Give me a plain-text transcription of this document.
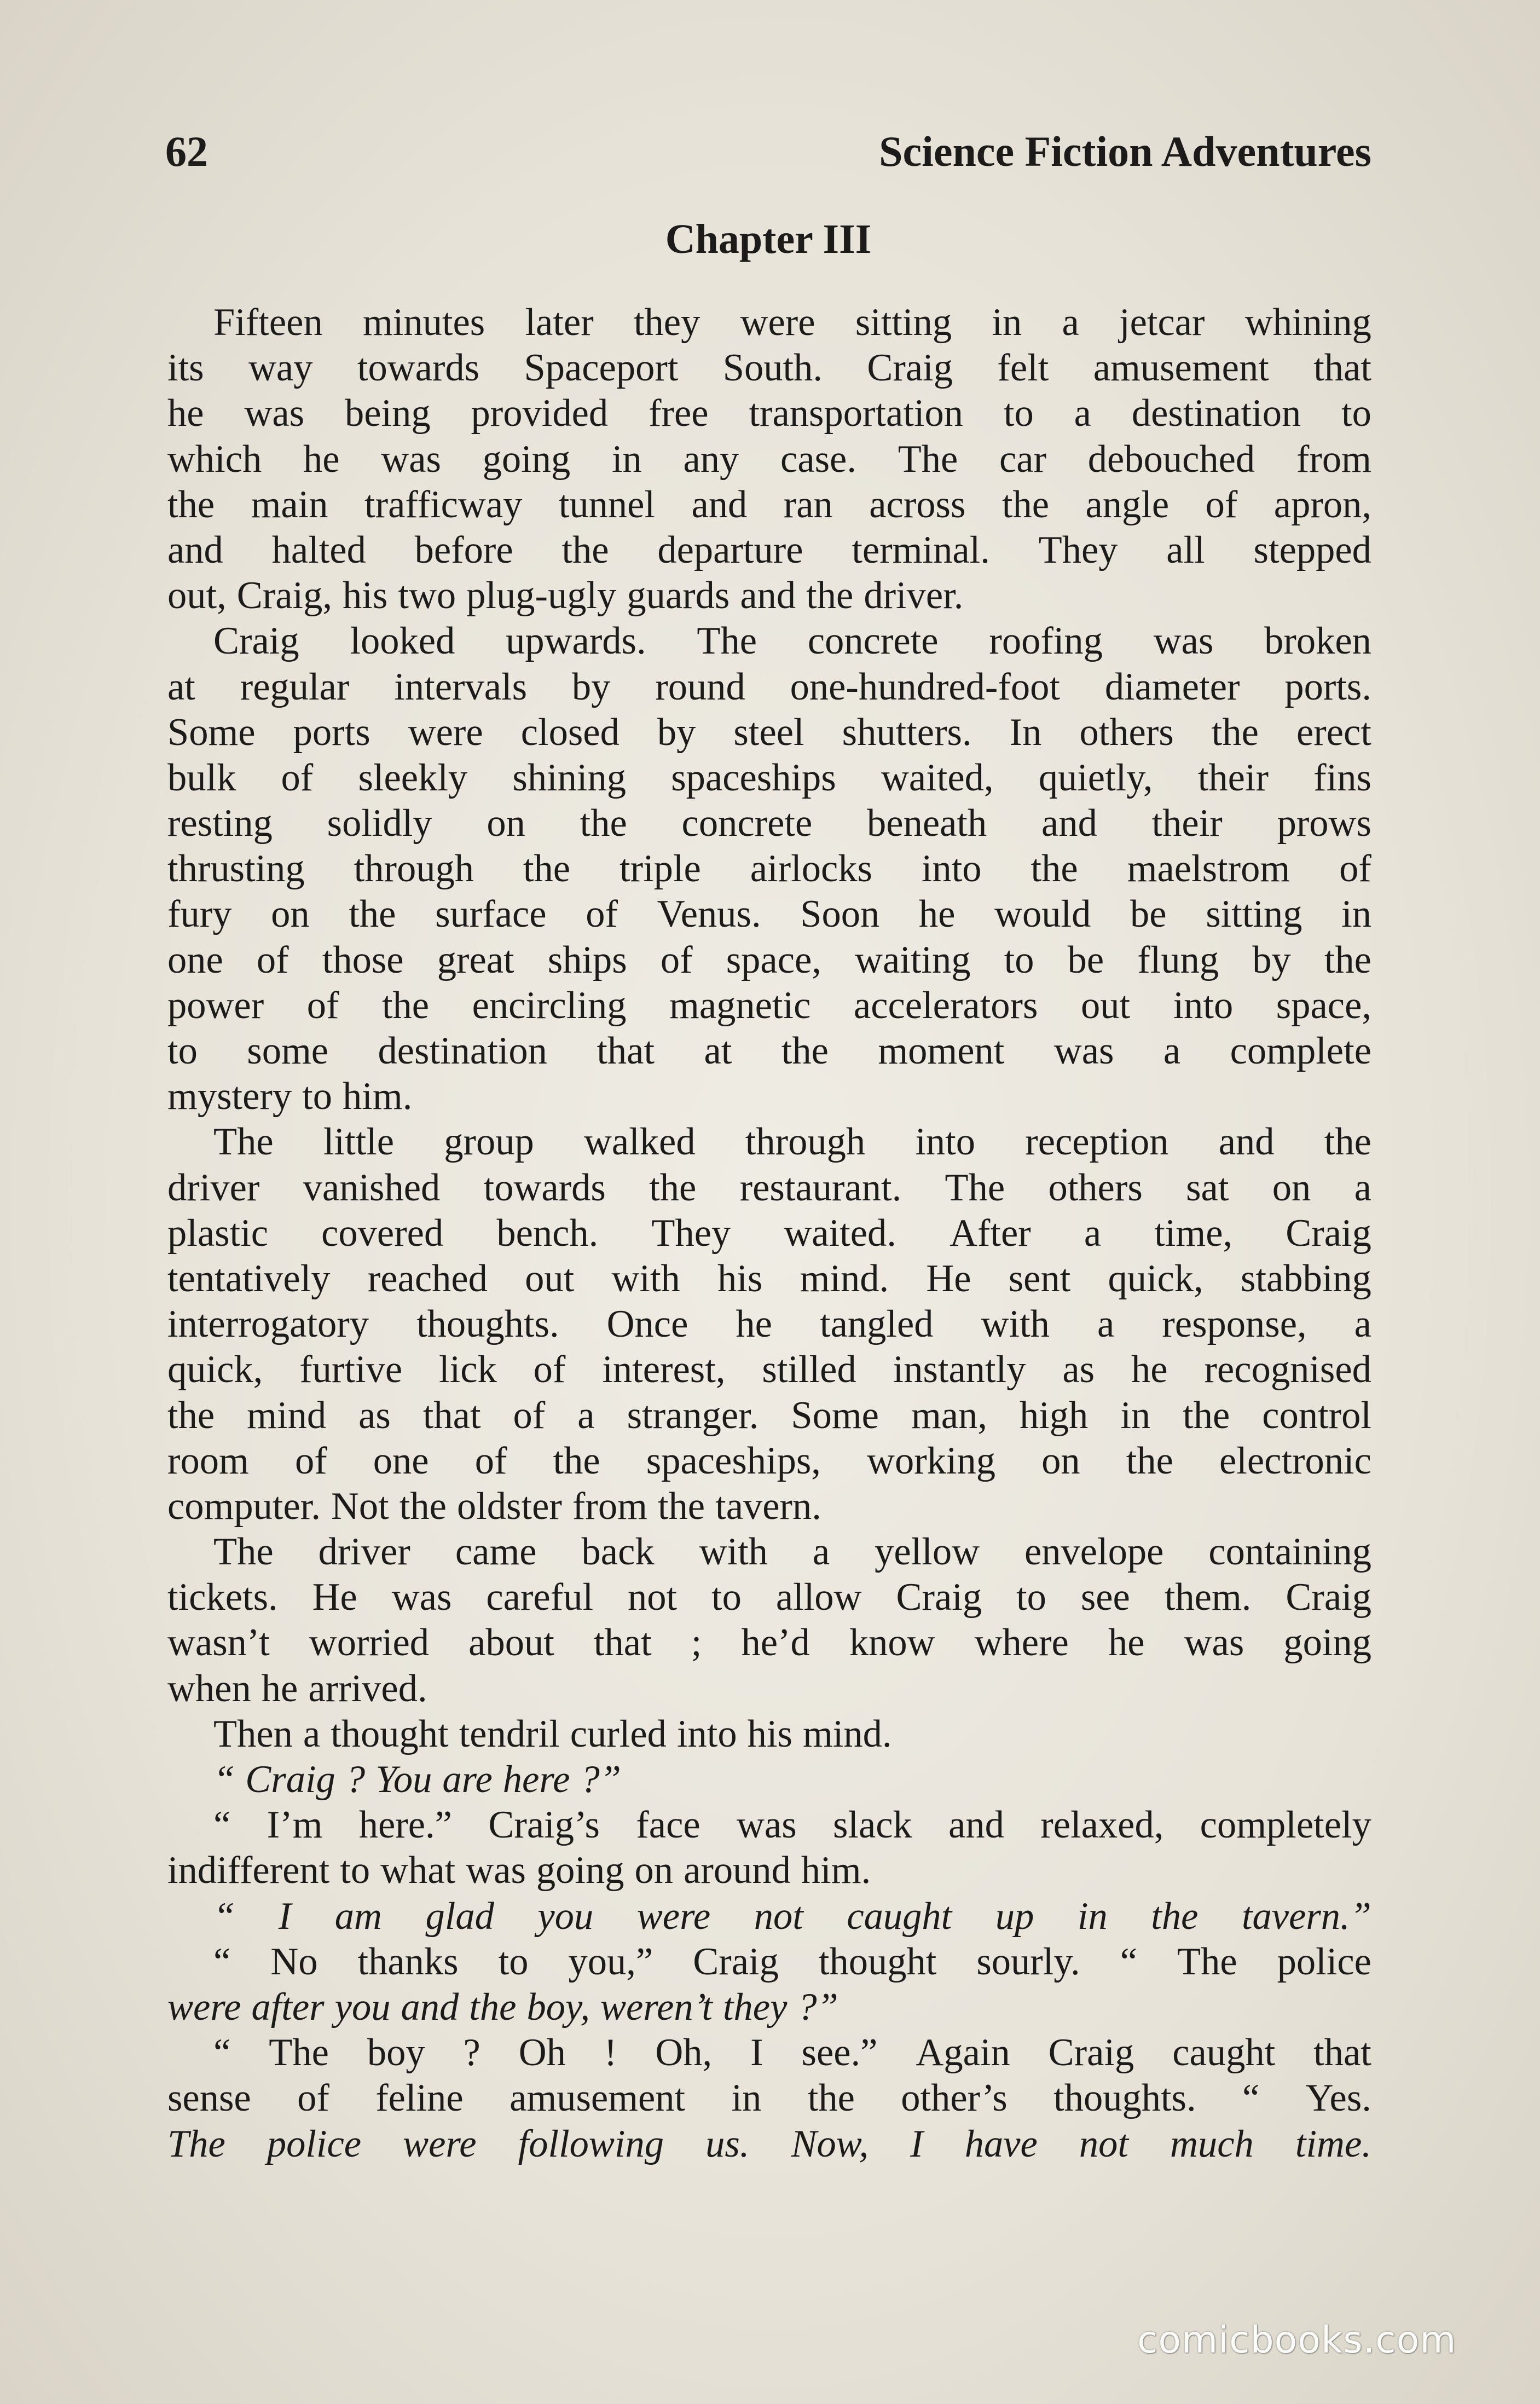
62	Science Fiction Adventures
Chapter III
Fifteen minutes later they were sitting in a jetcar whining
its way towards Spaceport South. Craig felt amusement that
he was being provided free transportation to a destination to
which he was going in any case. The car debouched from
the main trafficway tunnel and ran across the angle of apron,
and halted before the departure terminal. They all stepped
out, Craig, his two plug-ugly guards and the driver.
Craig looked upwards. The concrete roofing was broken
at regular intervals by round one-hundred-foot diameter ports.
Some ports were closed by steel shutters. In others the erect
bulk of sleekly shining spaceships waited, quietly, their fins
resting solidly on the concrete beneath and their prows
thrusting through the triple airlocks into the maelstrom of
fury on the surface of Venus. Soon he would be sitting in
one of those great ships of space, waiting to be flung by the
power of the encircling magnetic accelerators out into space,
to some destination that at the moment was a complete
mystery to him.
The little group walked through into reception and the
driver vanished towards the restaurant. The others sat on a
plastic covered bench. They waited. After a time, Craig
tentatively reached out with his mind. He sent quick, stabbing
interrogatory thoughts. Once he tangled with a response, a
quick, furtive lick of interest, stilled instantly as he recognised
the mind as that of a stranger. Some man, high in the control
room of one of the spaceships, working on the electronic
computer. Not the oldster from the tavern.
The driver came back with a yellow envelope containing
tickets. He was careful not to allow Craig to see them. Craig
wasn’t worried about that ; he’d know where he was going
when he arrived.
Then a thought tendril curled into his mind.
“ Craig ? You are here ?”
“ I’m here.” Craig’s face was slack and relaxed, completely
indifferent to what was going on around him.
“ I am glad you were not caught up in the tavern.”
“ No thanks to you,” Craig thought sourly. “ The police
were after you and the boy, weren’t they ?”
“ The boy ? Oh ! Oh, I see.” Again Craig caught that
sense of feline amusement in the other’s thoughts. “ Yes.
The police were following us. Now, I have not much time.
comicbooks.com
